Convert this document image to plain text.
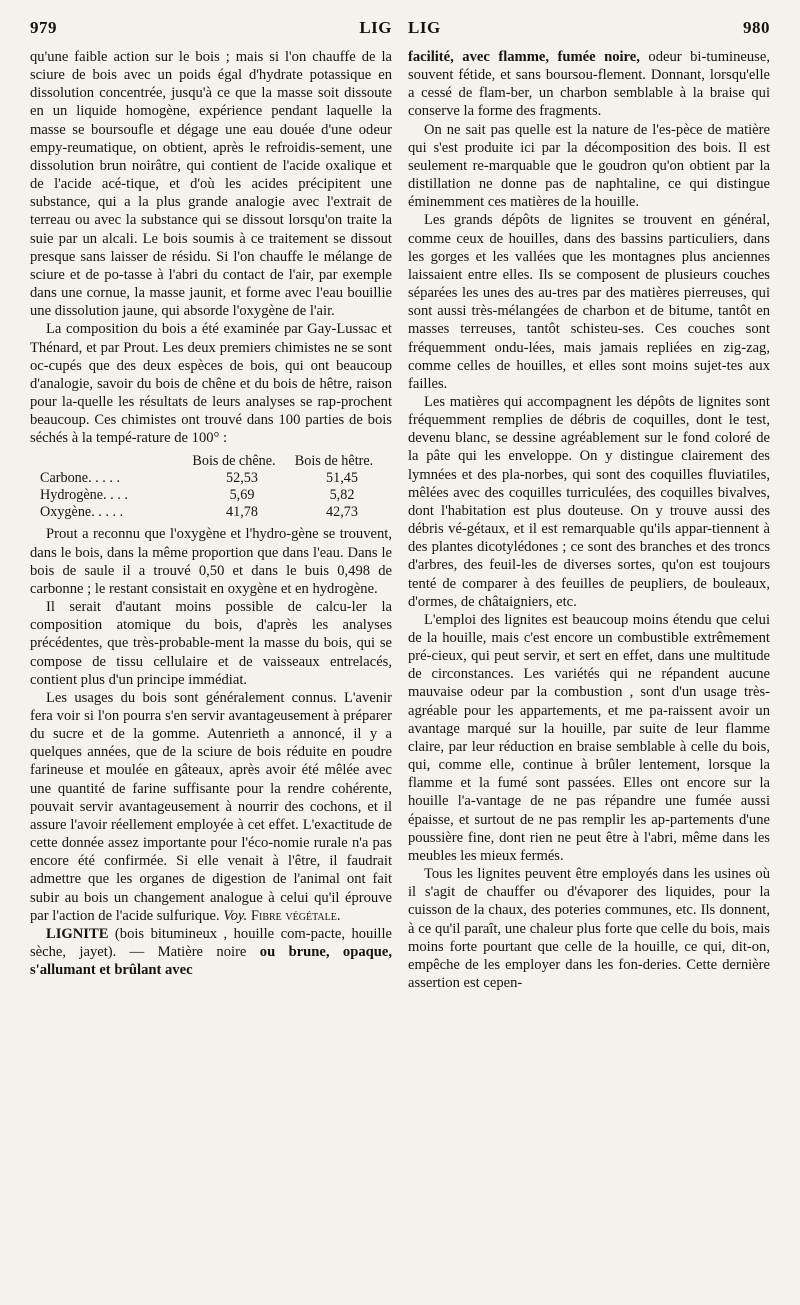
979	LIG LIG	980

qu'une faible action sur le bois ; mais si l'on chauffe de la sciure de bois avec un poids égal d'hydrate potassique en dissolution concentrée, jusqu'à ce que la masse soit dissoute en un liquide homogène, expérience pendant laquelle la masse se boursoufle et dégage une eau douée d'une odeur empy-reumatique, on obtient, après le refroidis-sement, une dissolution brun noirâtre, qui contient de l'acide oxalique et de l'acide acé-tique, et d'où les acides précipitent une substance, qui a la plus grande analogie avec l'extrait de terreau ou avec la substance qui se dissout lorsqu'on traite la suie par un alcali. Le bois soumis à ce traitement se dissout presque sans laisser de résidu. Si l'on chauffe le mélange de sciure et de po-tasse à l'abri du contact de l'air, par exemple dans une cornue, la masse jaunit, et forme avec l'eau bouillie une dissolution jaune, qui absorde l'oxygène de l'air.

La composition du bois a été examinée par Gay-Lussac et Thénard, et par Prout. Les deux premiers chimistes ne se sont oc-cupés que des deux espèces de bois, qui ont beaucoup d'analogie, savoir du bois de chêne et du bois de hêtre, raison pour la-quelle les résultats de leurs analyses se rap-prochent beaucoup. Ces chimistes ont trouvé dans 100 parties de bois séchés à la tempé-rature de 100° :

Bois de chêne.	Bois de hêtre.
Carbone. . . . .	52,53	51,45
Hydrogène. . . .	5,69	5,82
Oxygène. . . . .	41,78	42,73

Prout a reconnu que l'oxygène et l'hydro-gène se trouvent, dans le bois, dans la même proportion que dans l'eau. Dans le bois de saule il a trouvé 0,50 et dans le buis 0,498 de carbonne ; le restant consistait en oxygène et en hydrogène.

Il serait d'autant moins possible de calcu-ler la composition atomique du bois, d'après les analyses précédentes, que très-probable-ment la masse du bois, qui se compose de tissu cellulaire et de vaisseaux entrelacés, contient plus d'un principe immédiat.

Les usages du bois sont généralement connus. L'avenir fera voir si l'on pourra s'en servir avantageusement à préparer du sucre et de la gomme. Autenrieth a annoncé, il y a quelques années, que de la sciure de bois réduite en poudre farineuse et moulée en gâteaux, après avoir été mêlée avec une quantité de farine suffisante pour la rendre cohérente, pouvait servir avantageusement à nourrir des cochons, et il assure l'avoir réellement employée à cet effet. L'exactitude de cette donnée assez importante pour l'éco-nomie rurale n'a pas encore été confirmée. Si elle venait à l'être, il faudrait admettre que les organes de digestion de l'animal ont fait subir au bois un changement analogue à celui qu'il éprouve par l'action de l'acide sulfurique. Voy. Fibre végétale.

LIGNITE (bois bitumineux , houille com-pacte, houille sèche, jayet). — Matière noire ou brune, opaque, s'allumant et brûlant avec

facilité, avec flamme, fumée noire, odeur bi-tumineuse, souvent fétide, et sans boursou-flement. Donnant, lorsqu'elle a cessé de flam-ber, un charbon semblable à la braise qui conserve la forme des fragments.

On ne sait pas quelle est la nature de l'es-pèce de matière qui s'est produite ici par la décomposition des bois. Il est seulement re-marquable que le goudron qu'on obtient par la distillation ne donne pas de naphtaline, ce qui distingue éminemment ces matières de la houille.

Les grands dépôts de lignites se trouvent en général, comme ceux de houilles, dans des bassins particuliers, dans les gorges et les vallées que les montagnes plus anciennes laissaient entre elles. Ils se composent de plusieurs couches séparées les unes des au-tres par des matières pierreuses, qui sont aussi très-mélangées de charbon et de bitume, tantôt en masses terreuses, tantôt schisteu-ses. Ces couches sont fréquemment ondu-lées, mais jamais repliées en zig-zag, comme celles de houilles, et elles sont moins sujet-tes aux failles.

Les matières qui accompagnent les dépôts de lignites sont fréquemment remplies de débris de coquilles, dont le test, devenu blanc, se dessine agréablement sur le fond coloré de la pâte qui les enveloppe. On y distingue clairement des lymnées et des pla-norbes, qui sont des coquilles fluviatiles, mêlées avec des coquilles turriculées, des coquilles bivalves, dont l'habitation est plus douteuse. On y trouve aussi des débris vé-gétaux, et il est remarquable qu'ils appar-tiennent à des plantes dicotylédones ; ce sont des branches et des troncs d'arbres, des feuil-les de diverses sortes, qu'on est toujours tenté de comparer à des feuilles de peupliers, de bouleaux, d'ormes, de châtaigniers, etc.

L'emploi des lignites est beaucoup moins étendu que celui de la houille, mais c'est encore un combustible extrêmement pré-cieux, qui peut servir, et sert en effet, dans une multitude de circonstances. Les variétés qui ne répandent aucune mauvaise odeur par la combustion , sont d'un usage très-agréable pour les appartements, et me pa-raissent avoir un avantage marqué sur la houille, par suite de leur flamme claire, par leur réduction en braise semblable à celle du bois, qui, comme elle, continue à brûler lentement, lorsque la flamme et la fumé sont passées. Elles ont encore sur la houille l'a-vantage de ne pas répandre une fumée aussi épaisse, et surtout de ne pas remplir les ap-partements d'une poussière fine, dont rien ne peut être à l'abri, même dans les meubles les mieux fermés.

Tous les lignites peuvent être employés dans les usines où il s'agit de chauffer ou d'évaporer des liquides, pour la cuisson de la chaux, des poteries communes, etc. Ils donnent, à ce qu'il paraît, une chaleur plus forte que celle du bois, mais moins forte pourtant que celle de la houille, ce qui, dit-on, empêche de les employer dans les fon-deries. Cette dernière assertion est cepen-
